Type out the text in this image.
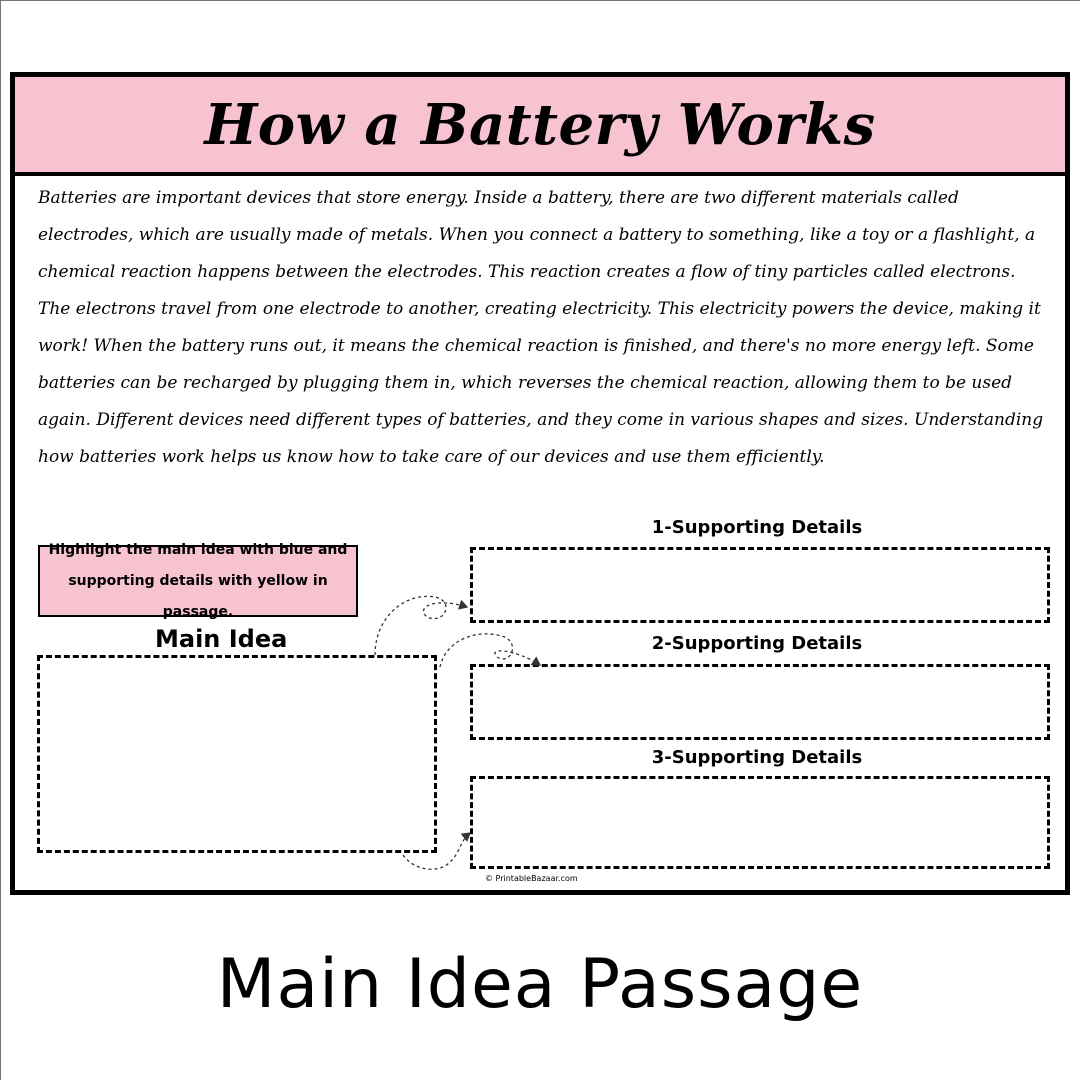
How a Battery Works

Batteries are important devices that store energy. Inside a battery, there are two different materials called electrodes, which are usually made of metals. When you connect a battery to something, like a toy or a flashlight, a chemical reaction happens between the electrodes. This reaction creates a flow of tiny particles called electrons. The electrons travel from one electrode to another, creating electricity. This electricity powers the device, making it work! When the battery runs out, it means the chemical reaction is finished, and there's no more energy left. Some batteries can be recharged by plugging them in, which reverses the chemical reaction, allowing them to be used again. Different devices need different types of batteries, and they come in various shapes and sizes. Understanding how batteries work helps us know how to take care of our devices and use them efficiently.

Highlight the main idea with blue and supporting details with yellow in passage.
Main Idea
1-Supporting Details
2-Supporting Details
3-Supporting Details
© PrintableBazaar.com
Main Idea Passage
